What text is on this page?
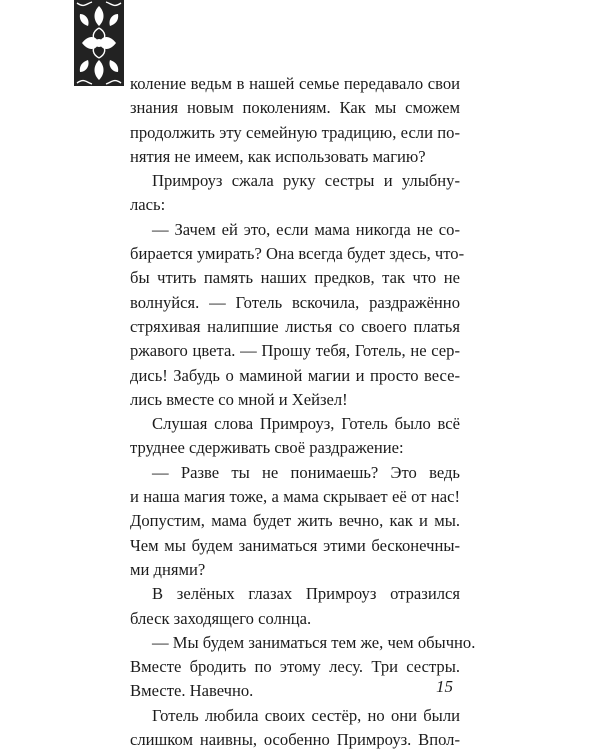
коление ведьм в нашей семье передавало свои
знания новым поколениям. Как мы сможем
продолжить эту семейную традицию, если по-
нятия не имеем, как использовать магию?
Примроуз сжала руку сестры и улыбну-
лась:
— Зачем ей это, если мама никогда не со-
бирается умирать? Она всегда будет здесь, что-
бы чтить память наших предков, так что не
волнуйся. — Готель вскочила, раздражённо
стряхивая налипшие листья со своего платья
ржавого цвета. — Прошу тебя, Готель, не сер-
дись! Забудь о маминой магии и просто весе-
лись вместе со мной и Хейзел!
Слушая слова Примроуз, Готель было всё
труднее сдерживать своё раздражение:
— Разве ты не понимаешь? Это ведь
и наша магия тоже, а мама скрывает её от нас!
Допустим, мама будет жить вечно, как и мы.
Чем мы будем заниматься этими бесконечны-
ми днями?
В зелёных глазах Примроуз отразился
блеск заходящего солнца.
— Мы будем заниматься тем же, чем обычно.
Вместе бродить по этому лесу. Три сестры.
Вместе. Навечно.
Готель любила своих сестёр, но они были
слишком наивны, особенно Примроуз. Впол-
15
